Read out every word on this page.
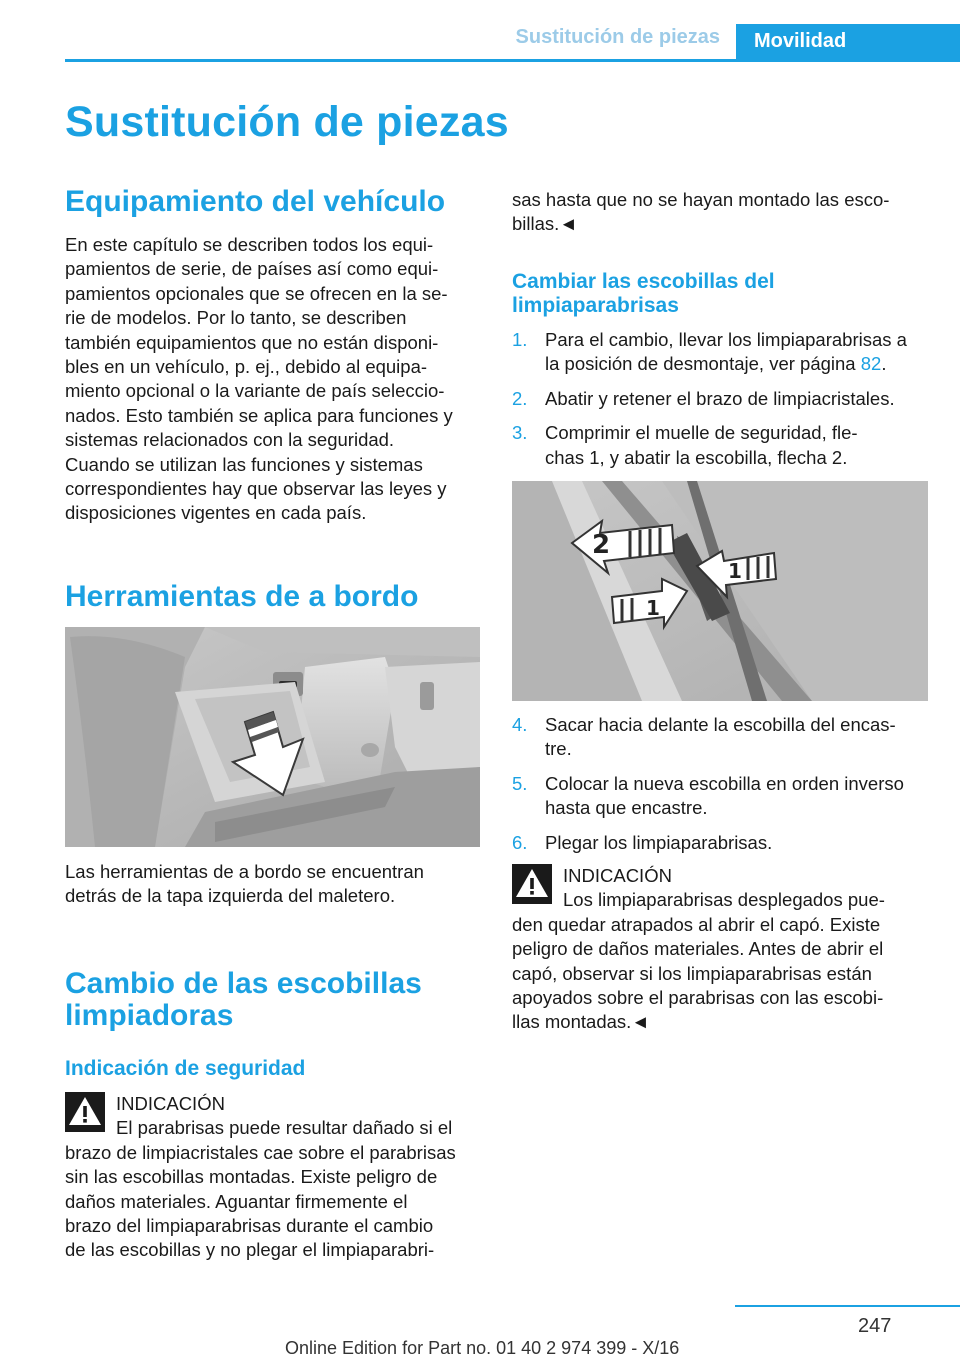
Sustitución de piezas	Movilidad
Sustitución de piezas
Equipamiento del vehículo
En este capítulo se describen todos los equi-
pamientos de serie, de países así como equi-
pamientos opcionales que se ofrecen en la se-
rie de modelos. Por lo tanto, se describen
también equipamientos que no están disponi-
bles en un vehículo, p. ej., debido al equipa-
miento opcional o la variante de país seleccio-
nados. Esto también se aplica para funciones y
sistemas relacionados con la seguridad.
Cuando se utilizan las funciones y sistemas
correspondientes hay que observar las leyes y
disposiciones vigentes en cada país.
Herramientas de a bordo
Las herramientas de a bordo se encuentran
detrás de la tapa izquierda del maletero.
Cambio de las escobillas
limpiadoras
Indicación de seguridad
INDICACIÓN
El parabrisas puede resultar dañado si el
brazo de limpiacristales cae sobre el parabrisas
sin las escobillas montadas. Existe peligro de
daños materiales. Aguantar firmemente el
brazo del limpiaparabrisas durante el cambio
de las escobillas y no plegar el limpiaparabri-
sas hasta que no se hayan montado las esco-
billas.◄
Cambiar las escobillas del
limpiaparabrisas
1. Para el cambio, llevar los limpiaparabrisas a
la posición de desmontaje, ver página 82.
2. Abatir y retener el brazo de limpiacristales.
3. Comprimir el muelle de seguridad, fle-
chas 1, y abatir la escobilla, flecha 2.
2
1
1
4. Sacar hacia delante la escobilla del encas-
tre.
5. Colocar la nueva escobilla en orden inverso
hasta que encastre.
6. Plegar los limpiaparabrisas.
INDICACIÓN
Los limpiaparabrisas desplegados pue-
den quedar atrapados al abrir el capó. Existe
peligro de daños materiales. Antes de abrir el
capó, observar si los limpiaparabrisas están
apoyados sobre el parabrisas con las escobi-
llas montadas.◄
247
Online Edition for Part no. 01 40 2 974 399 - X/16
